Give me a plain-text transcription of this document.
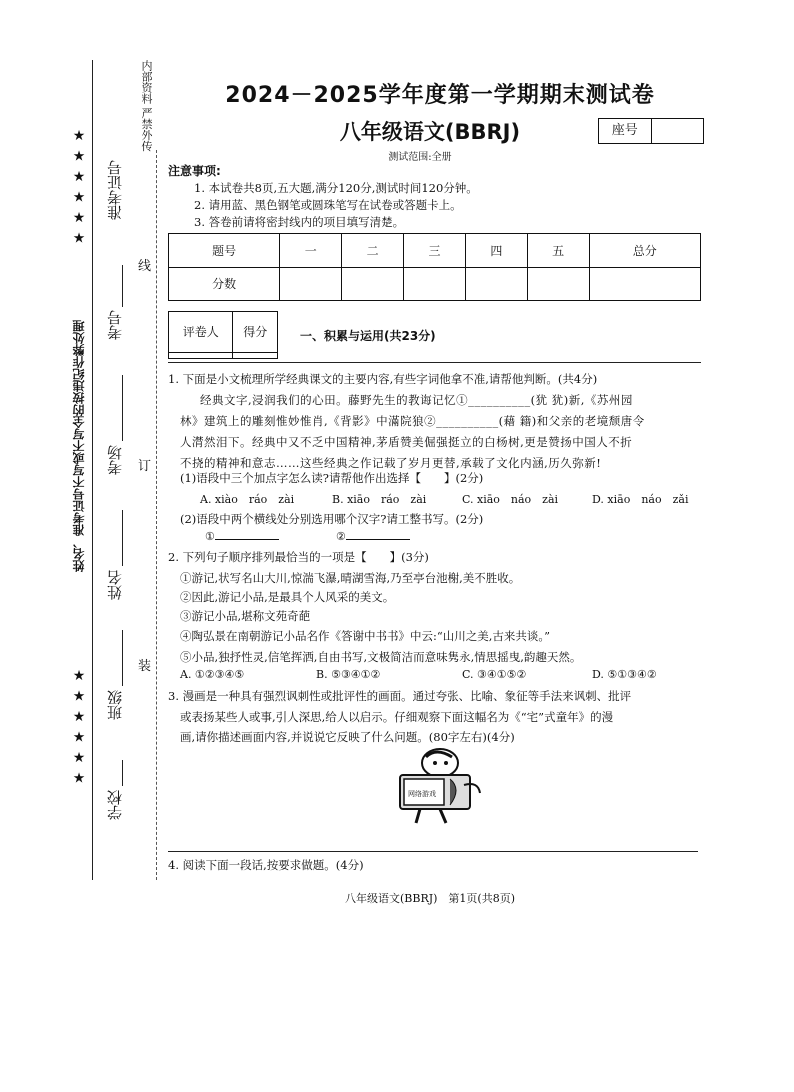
★ ★ ★ ★ ★ ★
★ ★ ★ ★ ★ ★
姓名、准考证号不写或不写全的按违纪作弊处理
学校
班级
姓名
考场
考号
准考证号
装
订
线
内部资料 严禁外传	2024－2025学年度第一学期期末测试卷
八年级语文(BBRJ)	座号
测试范围:全册
注意事项:
1. 本试卷共8页,五大题,满分120分,测试时间120分钟。
2. 请用蓝、黑色钢笔或圆珠笔写在试卷或答题卡上。
3. 答卷前请将密封线内的项目填写清楚。
题号	一	二	三	四	五	总分
分数						
评卷人	得分
		一、积累与运用(共23分)
1. 下面是小文梳理所学经典课文的主要内容,有些字词他拿不准,请帮他判断。(共4分)
经典文字,浸润我们的心田。藤野先生的教诲记忆①__________(犹 犹)新,《苏州园
林》建筑上的雕刻惟妙惟肖,《背影》中滿院狼②__________(藉 籍)和父亲的老境颓唐令
人潸然泪下。经典中又不乏中国精神,茅盾赞美倔强挺立的白杨树,更是赞扬中国人不折
不挠的精神和意志……这些经典之作记载了岁月更替,承载了文化内涵,历久弥新!
(1)语段中三个加点字怎么读?请帮他作出选择【　　】(2分)
A. xiào　ráo　zài	B. xiāo　ráo　zài	C. xiāo　náo　zài	D. xiāo　náo　zǎi
(2)语段中两个横线处分别选用哪个汉字?请工整书写。(2分)
①	②
2. 下列句子顺序排列最恰当的一项是【　　】(3分)
①游记,状写名山大川,惊湍飞瀑,晴湖雪海,乃至亭台池榭,美不胜收。
②因此,游记小品,是最具个人风采的美文。
③游记小品,堪称文苑奇葩
④陶弘景在南朝游记小品名作《答谢中书书》中云:“山川之美,古来共谈。”
⑤小品,独抒性灵,信笔挥洒,自由书写,文极简洁而意味隽永,情思摇曳,韵趣天然。
A. ①②③④⑤	B. ⑤③④①②	C. ③④①⑤②	D. ⑤①③④②
3. 漫画是一种具有强烈讽刺性或批评性的画面。通过夸张、比喻、象征等手法来讽刺、批评
或表扬某些人或事,引人深思,给人以启示。仔细观察下面这幅名为《“宅”式童年》的漫
画,请你描述画面内容,并说说它反映了什么问题。(80字左右)(4分)
网络游戏
4. 阅读下面一段话,按要求做题。(4分)
八年级语文(BBRJ)　第1页(共8页)
